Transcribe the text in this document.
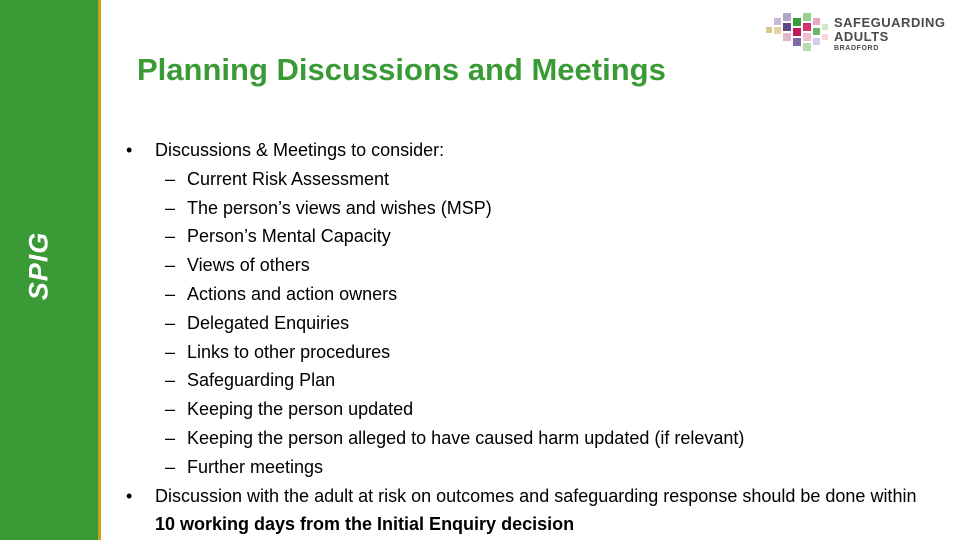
SPIG
Planning Discussions and Meetings
SAFEGUARDING
ADULTS
BRADFORD
•	Discussions & Meetings to consider:
– Current Risk Assessment
– The person’s views and wishes (MSP)
– Person’s Mental Capacity
– Views of others
– Actions and action owners
– Delegated Enquiries
– Links to other procedures
– Safeguarding Plan
– Keeping the person updated
– Keeping the person alleged to have caused harm updated (if relevant)
– Further meetings
•	Discussion with the adult at risk on outcomes and safeguarding response should be done within 10 working days from the Initial Enquiry decision
